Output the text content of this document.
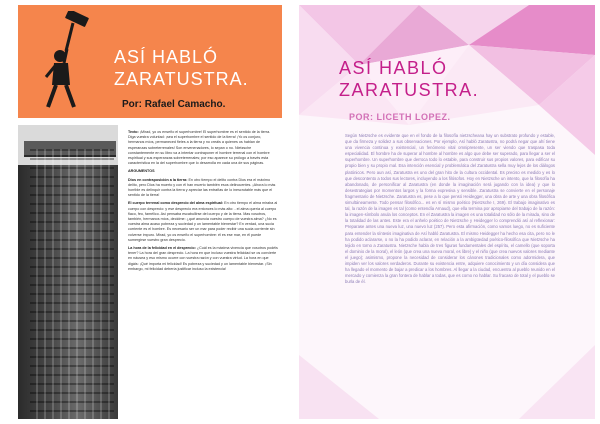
ASÍ HABLÓ
ZARATUSTRA.
Por: Rafael Camacho.

Texto: ¡Mirad, yo os enseño el superhombre! El superhombre es el sentido de la tierra. Diga vuestra voluntad: ¡sea el superhombre el sentido de la tierra! ¡Yo os conjuro, hermanos míos, permaneced fieles a la tierra y no creáis a quienes os hablan de esperanzas sobreterrenales! Son envenenadores, lo sepan o no. Nietzsche constantemente en su libro va a intentar contraponer el hombre terrenal con el hombre espiritual y sus esperanzas sobreterrenales; por eso aparece su prólogo a través esta característica en la del superhombre que lo desarrolla en cada una de sus páginas.

ARGUMENTOS

Dios en contraposición a la tierra: En otro tiempo el delito contra Dios era el máximo delito, pero Dios ha muerto y con él han muerto también esos delincuentes. ¡Ahora lo más horrible es delinquir contra la tierra y apreciar las entrañas de lo inescrutable más que el sentido de la tierra!

El cuerpo terrenal como desprecio del alma espiritual: En otro tiempo el alma miraba al cuerpo con desprecio: y ese desprecio era entonces lo más alto: - el alma quería al cuerpo flaco, feo, famélico. Así pensaba escabullirse del cuerpo y de la tierra. Mas vosotros, también, hermanos míos, decidme: ¿qué anuncia vuestro cuerpo de vuestra alma? ¿No es vuestra alma acaso pobreza y suciedad y un lamentable bienestar? En verdad, una sucia corriente es el hombre. Es necesario ser un mar para poder recibir una sucia corriente sin volverse impuro. Mirad, yo os enseño el superhombre: él es ese mar, en él puede sumergirse vuestro gran desprecio.

La hora de la felicidad en el desprecio: ¿Cuál es la máxima vivencia que vosotros podéis tener? La hora del gran desprecio. La hora en que incluso vuestra felicidad se os convierte en náusea y eso mismo ocurre con vuestra razón y con vuestra virtud. La hora en que digáis: ¡Qué importa mi felicidad! Es pobreza y suciedad y un lamentable bienestar. ¡Sin embargo, mi felicidad debería justificar incluso la existencia!

ASÍ HABLÓ
ZARATUSTRA.
POR: LICETH LOPEZ.
Según Nietzsche es evidente que en el fondo de la filosofía nietzscheana hay un substrato profundo y estable, que da firmeza y solidez a sus observaciones. Por ejemplo, Así habló Zaratustra, no podrá negar que ahí tiene una vivencia continua y existencial, un fenómeno vital omnipresente, un ser viendo que traspasa toda especialidad. El hombre ha de superar al hombre al hombre es algo que debe ser superado, para llegar a ser el superhombre. Un superhombre que derroca todo lo estable, para construir sus propios valores, para edificar su propio bien y su propio mal. Esa intención esencial y problemática del Zaratustra sella muy lejos de los diálogos platónicos. Pero aun así, Zaratustra es uno del gran hito de la cultura occidental. Es preciso es medido y es lo que descontento a todos sus lectores, incluyendo a los filósofos. Hoy en Nietzsche un intento, que la filosofía ha abandonado, de personificar al Zaratustra (en donde la imaginación será jugando con la idea) y que lo desestrategias por momentos largos y la forma expresiva y sensible. Zaratustra se convierte en el personaje fragmentario de Nietzsche. Zaratustra es, pese a lo que pensó Heidegger, una obra de arte y una obra filosófica simultáneamente. Todo pensar filosófico... es en sí mismo poético (Nietzsche I, 269). El trabajo imaginativo es tal, la razón de la imagen es tal (como entendía Arnaud), que ella termina por apropiarse del trabajo de la razón: la imagen-símbolo anula los conceptos. En el Zaratustra la imagen es una totalidad no sólo de la mirada, sino de la totalidad de las antes. Este era el anhelo poético de Nietzsche y Heidegger lo comprendió así al reflexionar: Preparase antes una nueva luz, una nuevo luz (257). Pero esta afirmación, como vamos luego, no es suficiente para entender la síntesis imaginativa de Así habló Zaratustra. El mismo Heidegger ha hecho esa cita, pero no le ha podido aclararse, o no la ha podido aclarar, en relación a la ambigüedad poético-filosófica que Nietzsche ha tejido en torno a Zaratustra. Nietzsche habla de tres figuras fundamentales del espíritu, el camello (que soporta el dominio de la moral), el león (que crea una nueva moral, es libre) y el niño (que crea nuevos valores mediante el juego); asimismo, propone la necesidad de considerar los cánones tradicionales como adormidera, que impiden ver los valores verdaderos. Durante su existencia entre, adquiere conocimiento y un día considera que ha llegado el momento de bajar a predicar a los hombres. Al llegar a la ciudad, encuentra al pueblo reunido en el mercado y comienza la gran fontera de hablar a todas, que es como no hablar. Su fracaso de total y el pueblo se burla de él.
